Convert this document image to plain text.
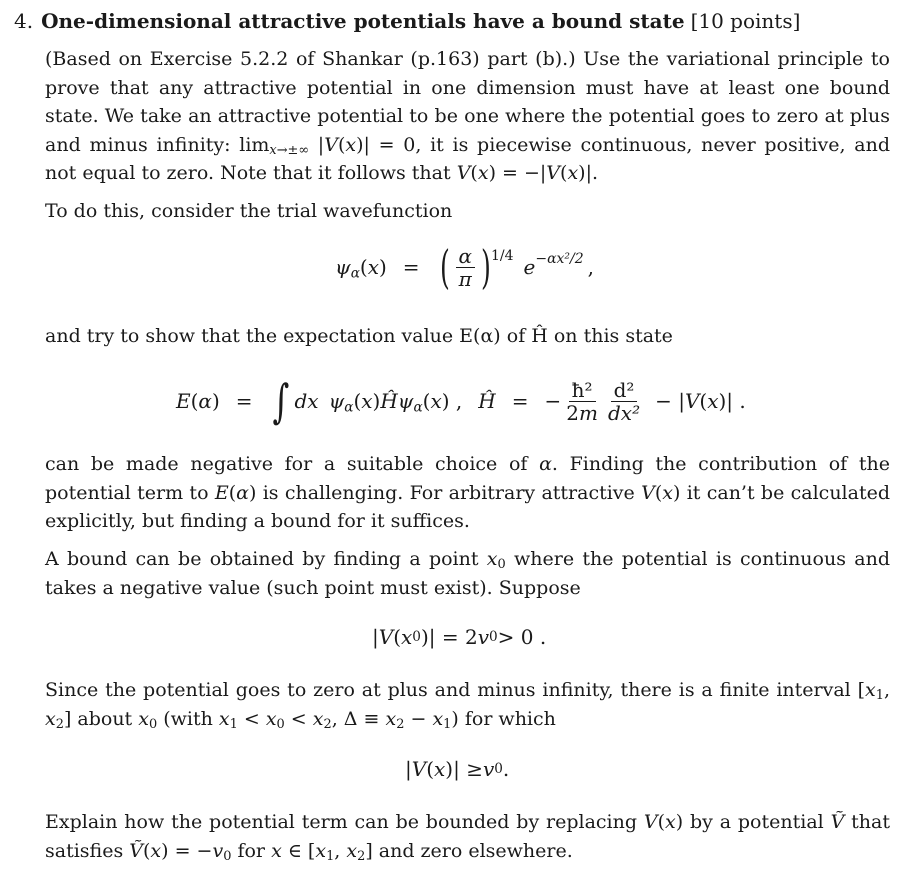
4. One-dimensional attractive potentials have a bound state [10 points]

(Based on Exercise 5.2.2 of Shankar (p.163) part (b).) Use the variational principle to prove that any attractive potential in one dimension must have at least one bound state. We take an attractive potential to be one where the potential goes to zero at plus and minus infinity: $\lim_{x\to\pm\infty} |V(x)| = 0$, it is piecewise continuous, never positive, and not equal to zero. Note that it follows that V(x) = −|V(x)|.

To do this, consider the trial wavefunction

$\psi_\alpha$ ( x )
= ( $\frac{\alpha}{\pi}$ ) 1/4 e −αx²/2 ,

and try to show that the expectation value E(α) of Ĥ on this state

E ( α )
= ∫ dx $\psi_\alpha$ ( x ) $Ĥ\psi_\alpha$ ( x ) , Ĥ =
− $\frac{\text{ħ²}}{2m} \frac{\text{d²}}{\text{dx²}}$ − | V ( x )| .

can be made negative for a suitable choice of α. Finding the contribution of the potential term to E(α) is challenging. For arbitrary attractive V(x) it can’t be calculated explicitly, but finding a bound for it suffices.

A bound can be obtained by finding a point $x_0$ where the potential is continuous and takes a negative value (such point must exist). Suppose

| V ( x 0 )| = 2 v 0 > 0 .

Since the potential goes to zero at plus and minus infinity, there is a finite interval [$x_1$, $x_2$] about $x_0$ (with $x_1 < x_0 < x_2$, $\Delta \equiv x_2 - x_1$) for which

| V ( x )| ≥ v 0 .

Explain how the potential term can be bounded by replacing V(x) by a potential Ṽ that satisfies Ṽ(x) = $-v_0$ for x ∈ [$x_1$, $x_2$] and zero elsewhere.
